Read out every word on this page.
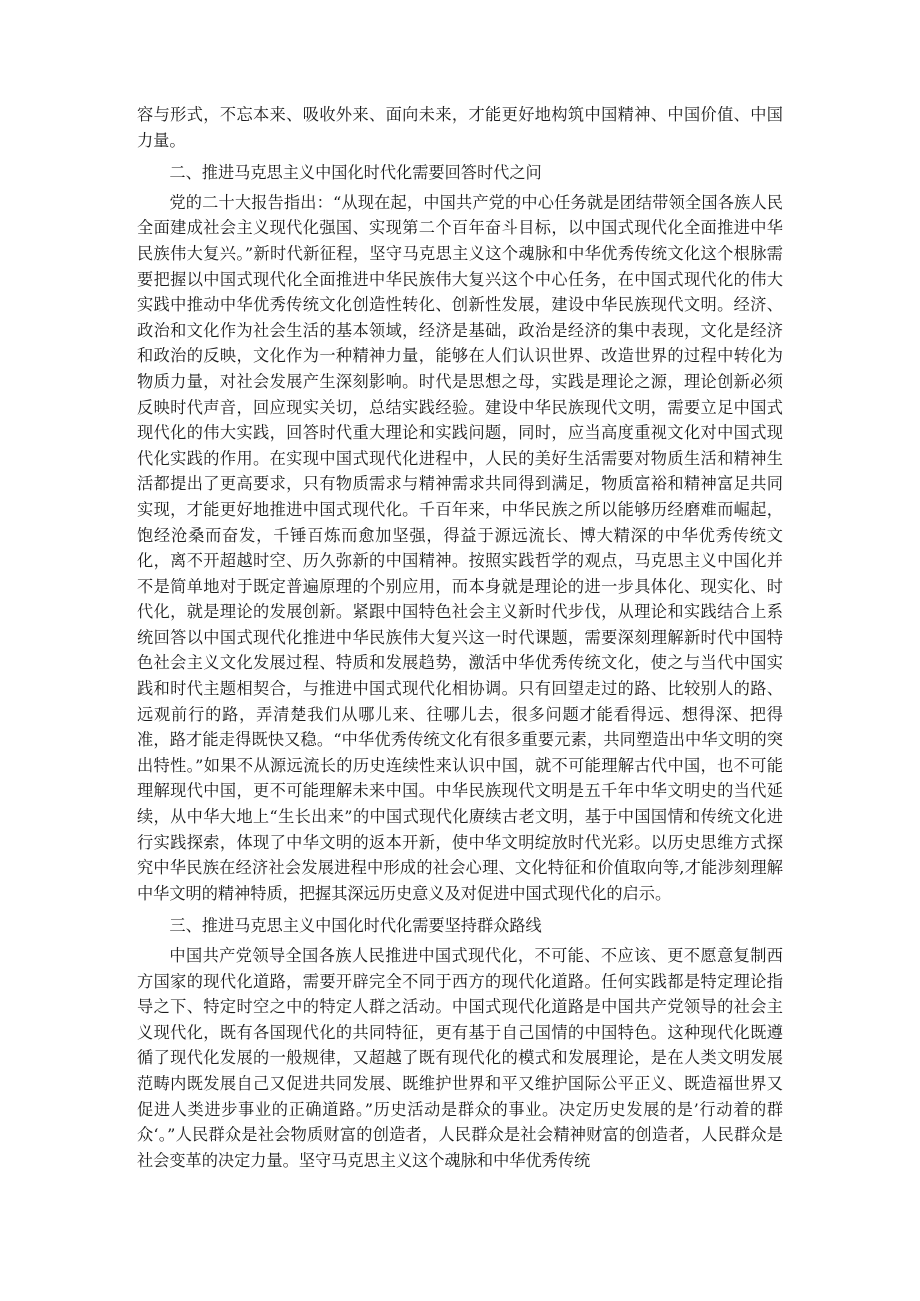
容与形式，不忘本来、吸收外来、面向未来，才能更好地构筑中国精神、中国价值、中国力量。

二、推进马克思主义中国化时代化需要回答时代之问

党的二十大报告指出：“从现在起，中国共产党的中心任务就是团结带领全国各族人民全面建成社会主义现代化强国、实现第二个百年奋斗目标，以中国式现代化全面推进中华民族伟大复兴。”新时代新征程，坚守马克思主义这个魂脉和中华优秀传统文化这个根脉需要把握以中国式现代化全面推进中华民族伟大复兴这个中心任务，在中国式现代化的伟大实践中推动中华优秀传统文化创造性转化、创新性发展，建设中华民族现代文明。经济、政治和文化作为社会生活的基本领域，经济是基础，政治是经济的集中表现，文化是经济和政治的反映，文化作为一种精神力量，能够在人们认识世界、改造世界的过程中转化为物质力量，对社会发展产生深刻影响。时代是思想之母，实践是理论之源，理论创新必须反映时代声音，回应现实关切，总结实践经验。建设中华民族现代文明，需要立足中国式现代化的伟大实践，回答时代重大理论和实践问题，同时，应当高度重视文化对中国式现代化实践的作用。在实现中国式现代化进程中，人民的美好生活需要对物质生活和精神生活都提出了更高要求，只有物质需求与精神需求共同得到满足，物质富裕和精神富足共同实现，才能更好地推进中国式现代化。千百年来，中华民族之所以能够历经磨难而崛起，饱经沧桑而奋发，千锤百炼而愈加坚强，得益于源远流长、博大精深的中华优秀传统文化，离不开超越时空、历久弥新的中国精神。按照实践哲学的观点，马克思主义中国化并不是简单地对于既定普遍原理的个别应用，而本身就是理论的进一步具体化、现实化、时代化，就是理论的发展创新。紧跟中国特色社会主义新时代步伐，从理论和实践结合上系统回答以中国式现代化推进中华民族伟大复兴这一时代课题，需要深刻理解新时代中国特色社会主义文化发展过程、特质和发展趋势，激活中华优秀传统文化，使之与当代中国实践和时代主题相契合，与推进中国式现代化相协调。只有回望走过的路、比较别人的路、远观前行的路，弄清楚我们从哪儿来、往哪儿去，很多问题才能看得远、想得深、把得准，路才能走得既快又稳。“中华优秀传统文化有很多重要元素，共同塑造出中华文明的突出特性。”如果不从源远流长的历史连续性来认识中国，就不可能理解古代中国，也不可能理解现代中国，更不可能理解未来中国。中华民族现代文明是五千年中华文明史的当代延续，从中华大地上“生长出来”的中国式现代化赓续古老文明，基于中国国情和传统文化进行实践探索，体现了中华文明的返本开新，使中华文明绽放时代光彩。以历史思维方式探究中华民族在经济社会发展进程中形成的社会心理、文化特征和价值取向等,才能涉刻理解中华文明的精神特质，把握其深远历史意义及对促进中国式现代化的启示。

三、推进马克思主义中国化时代化需要坚持群众路线

中国共产党领导全国各族人民推进中国式现代化，不可能、不应该、更不愿意复制西方国家的现代化道路，需要开辟完全不同于西方的现代化道路。任何实践都是特定理论指导之下、特定时空之中的特定人群之活动。中国式现代化道路是中国共产党领导的社会主义现代化，既有各国现代化的共同特征，更有基于自己国情的中国特色。这种现代化既遵循了现代化发展的一般规律，又超越了既有现代化的模式和发展理论，是在人类文明发展范畴内既发展自己又促进共同发展、既维护世界和平又维护国际公平正义、既造福世界又促进人类进步事业的正确道路。”历史活动是群众的事业。决定历史发展的是’行动着的群众‘。”人民群众是社会物质财富的创造者，人民群众是社会精神财富的创造者，人民群众是社会变革的决定力量。坚守马克思主义这个魂脉和中华优秀传统
